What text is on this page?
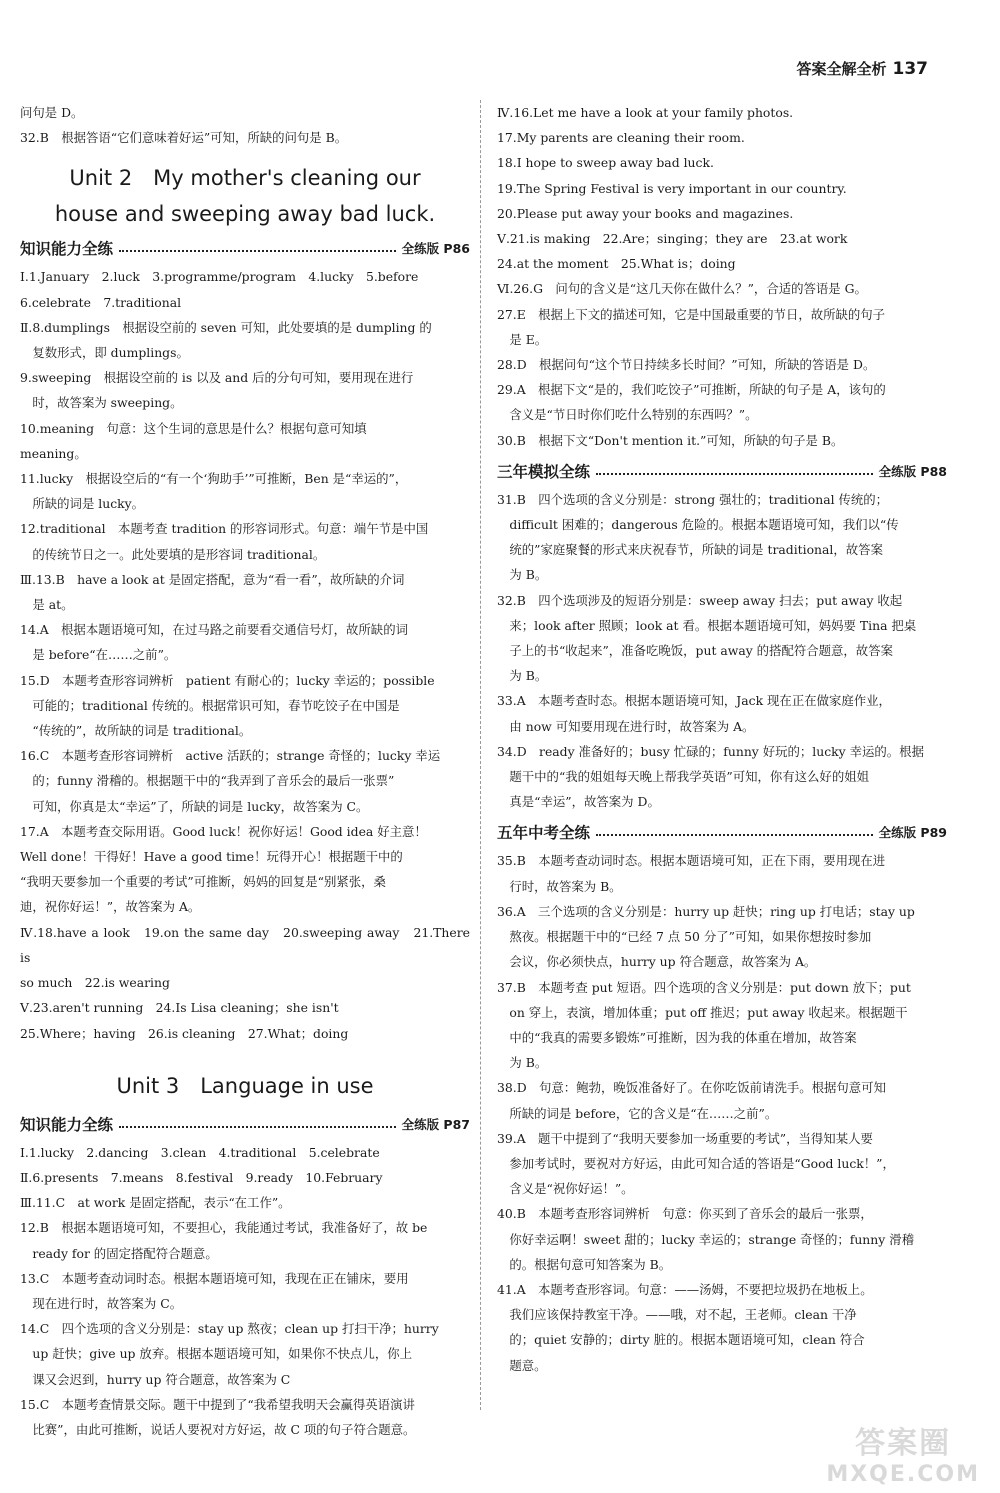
答案全解全析 137
问句是 D。
32.B　根据答语“它们意味着好运”可知，所缺的问句是 B。
Unit 2　My mother's cleaning our
house and sweeping away bad luck.
知识能力全练	全练版 P86
Ⅰ.1.January　2.luck　3.programme/program　4.lucky　5.before
6.celebrate　7.traditional
Ⅱ.8.dumplings　根据设空前的 seven 可知，此处要填的是 dumpling 的
　复数形式，即 dumplings。
9.sweeping　根据设空前的 is 以及 and 后的分句可知，要用现在进行
　时，故答案为 sweeping。
10.meaning　句意：这个生词的意思是什么？根据句意可知填
meaning。
11.lucky　根据设空后的“有一个‘狗助手’”可推断，Ben 是“幸运的”，
　所缺的词是 lucky。
12.traditional　本题考查 tradition 的形容词形式。句意：端午节是中国
　的传统节日之一。此处要填的是形容词 traditional。
Ⅲ.13.B　have a look at 是固定搭配，意为“看一看”，故所缺的介词
　是 at。
14.A　根据本题语境可知，在过马路之前要看交通信号灯，故所缺的词
　是 before“在……之前”。
15.D　本题考查形容词辨析　patient 有耐心的；lucky 幸运的；possible
　可能的；traditional 传统的。根据常识可知，春节吃饺子在中国是
　“传统的”，故所缺的词是 traditional。
16.C　本题考查形容词辨析　active 活跃的；strange 奇怪的；lucky 幸运
　的；funny 滑稽的。根据题干中的“我弄到了音乐会的最后一张票”
　可知，你真是太“幸运”了，所缺的词是 lucky，故答案为 C。
17.A　本题考查交际用语。Good luck！祝你好运！Good idea 好主意！
Well done！干得好！Have a good time！玩得开心！根据题干中的
“我明天要参加一个重要的考试”可推断，妈妈的回复是“别紧张，桑
迪，祝你好运！”，故答案为 A。
Ⅳ.18.have a look　19.on the same day　20.sweeping away　21.There is
so much　22.is wearing
Ⅴ.23.aren't running　24.Is Lisa cleaning；she isn't
25.Where；having　26.is cleaning　27.What；doing
Unit 3　Language in use
知识能力全练	全练版 P87
Ⅰ.1.lucky　2.dancing　3.clean　4.traditional　5.celebrate
Ⅱ.6.presents　7.means　8.festival　9.ready　10.February
Ⅲ.11.C　at work 是固定搭配，表示“在工作”。
12.B　根据本题语境可知，不要担心，我能通过考试，我准备好了，故 be
　ready for 的固定搭配符合题意。
13.C　本题考查动词时态。根据本题语境可知，我现在正在铺床，要用
　现在进行时，故答案为 C。
14.C　四个选项的含义分别是：stay up 熬夜；clean up 打扫干净；hurry
　up 赶快；give up 放弃。根据本题语境可知，如果你不快点儿，你上
　课又会迟到，hurry up 符合题意，故答案为 C
15.C　本题考查情景交际。题干中提到了“我希望我明天会赢得英语演讲
　比赛”，由此可推断，说话人要祝对方好运，故 C 项的句子符合题意。
Ⅳ.16.Let me have a look at your family photos.
17.My parents are cleaning their room.
18.I hope to sweep away bad luck.
19.The Spring Festival is very important in our country.
20.Please put away your books and magazines.
Ⅴ.21.is making　22.Are；singing；they are　23.at work
24.at the moment　25.What is；doing
Ⅵ.26.G　问句的含义是“这几天你在做什么？”，合适的答语是 G。
27.E　根据上下文的描述可知，它是中国最重要的节日，故所缺的句子
　是 E。
28.D　根据问句“这个节日持续多长时间？”可知，所缺的答语是 D。
29.A　根据下文“是的，我们吃饺子”可推断，所缺的句子是 A，该句的
　含义是“节日时你们吃什么特别的东西吗？”。
30.B　根据下文“Don't mention it.”可知，所缺的句子是 B。
三年模拟全练	全练版 P88
31.B　四个选项的含义分别是：strong 强壮的；traditional 传统的；
　difficult 困难的；dangerous 危险的。根据本题语境可知，我们以“传
　统的”家庭聚餐的形式来庆祝春节，所缺的词是 traditional，故答案
　为 B。
32.B　四个选项涉及的短语分别是：sweep away 扫去；put away 收起
　来；look after 照顾；look at 看。根据本题语境可知，妈妈要 Tina 把桌
　子上的书“收起来”，准备吃晚饭，put away 的搭配符合题意，故答案
　为 B。
33.A　本题考查时态。根据本题语境可知，Jack 现在正在做家庭作业，
　由 now 可知要用现在进行时，故答案为 A。
34.D　ready 准备好的；busy 忙碌的；funny 好玩的；lucky 幸运的。根据
　题干中的“我的姐姐每天晚上帮我学英语”可知，你有这么好的姐姐
　真是“幸运”，故答案为 D。
五年中考全练	全练版 P89
35.B　本题考查动词时态。根据本题语境可知，正在下雨，要用现在进
　行时，故答案为 B。
36.A　三个选项的含义分别是：hurry up 赶快；ring up 打电话；stay up
　熬夜。根据题干中的“已经 7 点 50 分了”可知，如果你想按时参加
　会议，你必须快点，hurry up 符合题意，故答案为 A。
37.B　本题考查 put 短语。四个选项的含义分别是：put down 放下；put
　on 穿上，表演，增加体重；put off 推迟；put away 收起来。根据题干
　中的“我真的需要多锻炼”可推断，因为我的体重在增加，故答案
　为 B。
38.D　句意：鲍勃，晚饭准备好了。在你吃饭前请洗手。根据句意可知
　所缺的词是 before，它的含义是“在……之前”。
39.A　题干中提到了“我明天要参加一场重要的考试”，当得知某人要
　参加考试时，要祝对方好运，由此可知合适的答语是“Good luck！”，
　含义是“祝你好运！”。
40.B　本题考查形容词辨析　句意：你买到了音乐会的最后一张票，
　你好幸运啊！sweet 甜的；lucky 幸运的；strange 奇怪的；funny 滑稽
　的。根据句意可知答案为 B。
41.A　本题考查形容词。句意：——汤姆，不要把垃圾扔在地板上。
　我们应该保持教室干净。——哦，对不起，王老师。clean 干净
　的；quiet 安静的；dirty 脏的。根据本题语境可知，clean 符合
　题意。
答案圈
MXQE.COM
